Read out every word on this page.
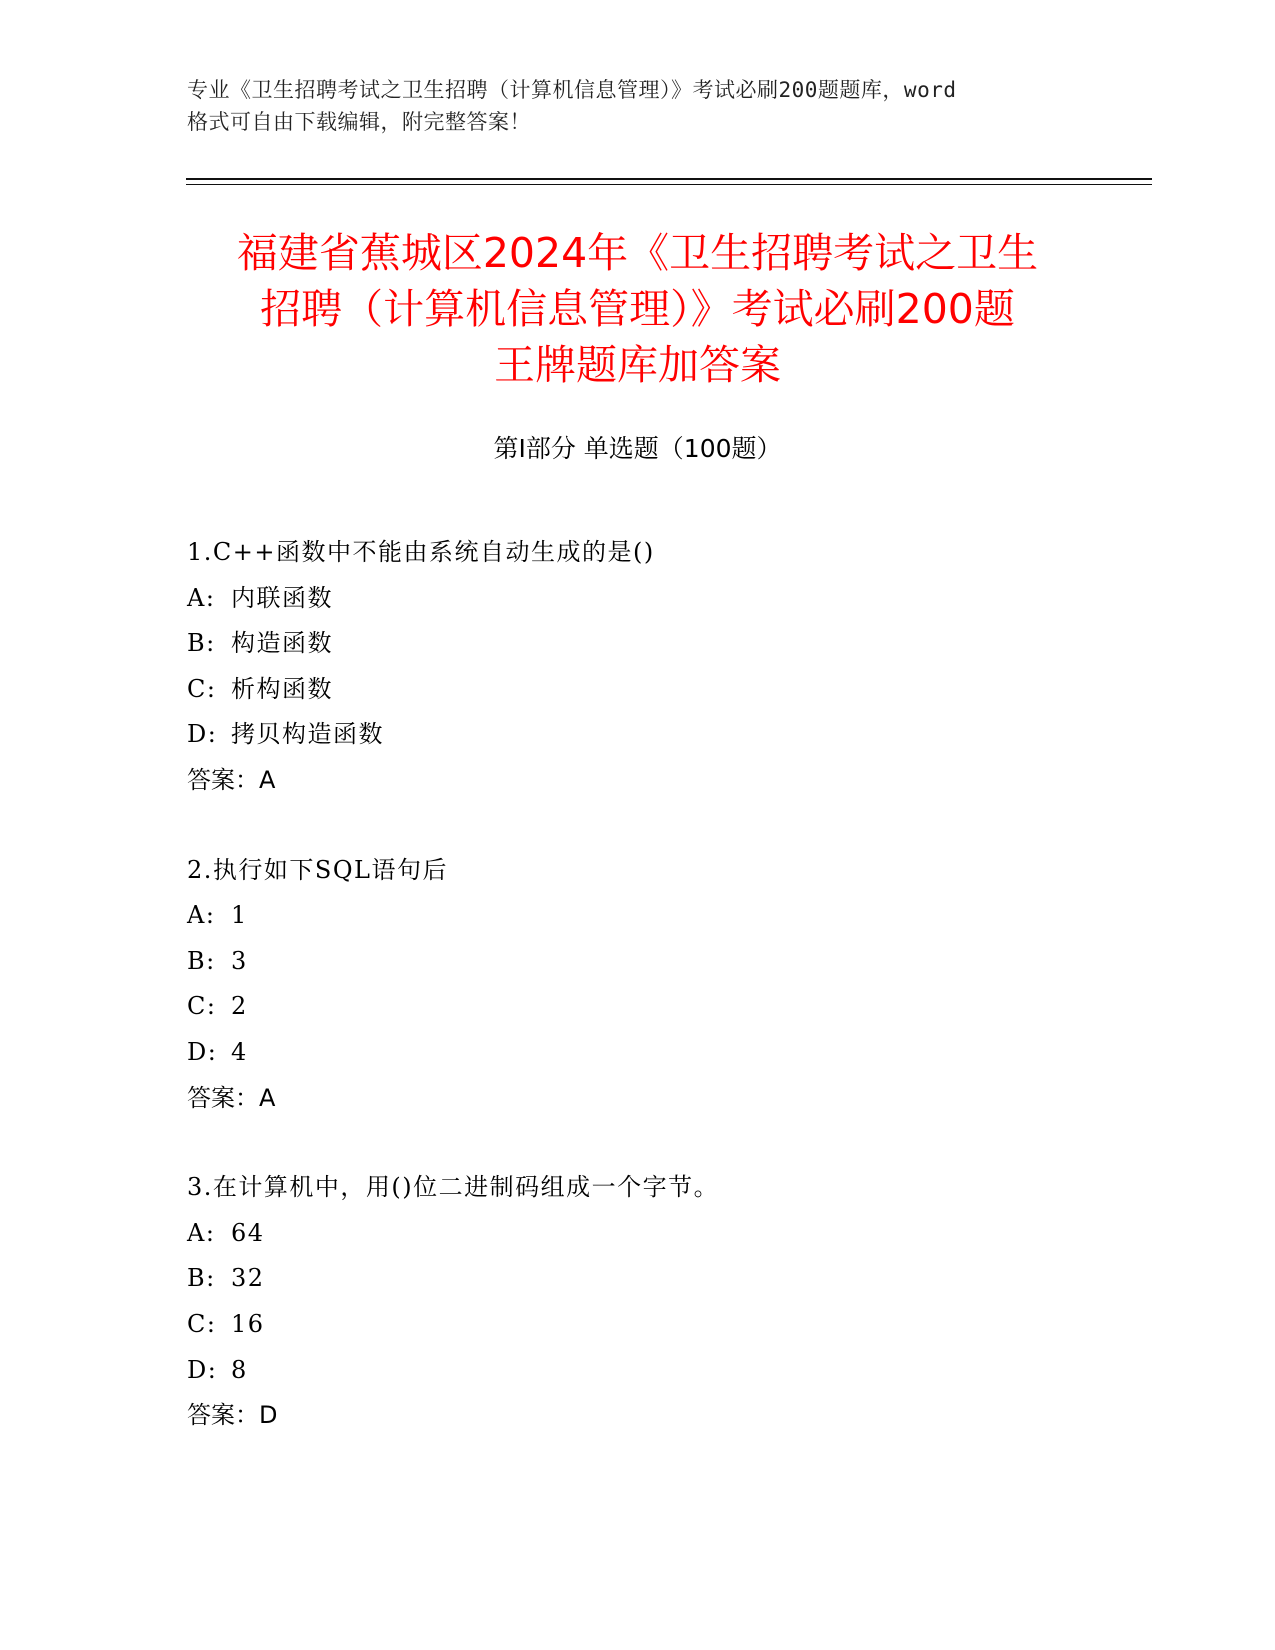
专业《卫生招聘考试之卫生招聘（计算机信息管理）》考试必刷200题题库，word
格式可自由下载编辑，附完整答案！
福建省蕉城区2024年《卫生招聘考试之卫生
招聘（计算机信息管理）》考试必刷200题
王牌题库加答案
第Ⅰ部分 单选题（100题）
1.C++函数中不能由系统自动生成的是()
A: 内联函数
B: 构造函数
C: 析构函数
D: 拷贝构造函数
答案：A
2.执行如下SQL语句后
A: 1
B: 3
C: 2
D: 4
答案：A
3.在计算机中，用()位二进制码组成一个字节。
A: 64
B: 32
C: 16
D: 8
答案：D
